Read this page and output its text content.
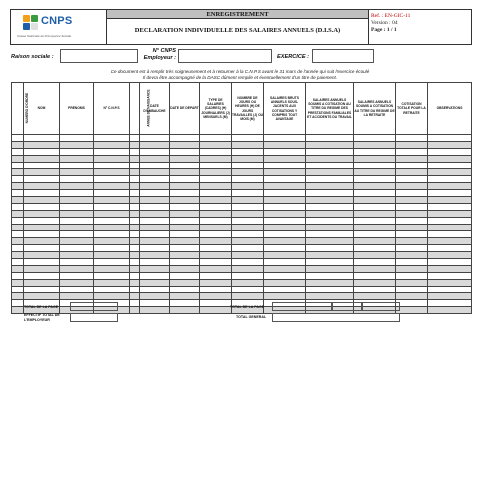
CNPS
Caisse Nationale de Prévoyance Sociale
ENREGISTREMENT
DECLARATION INDIVIDUELLE DES SALAIRES ANNUELS (D.I.S.A)
Ref. : EN-GIC-11
Version : 04
Page : 1 / 1
Raison sociale :
N° CNPS
Employeur :	EXERCICE :
Ce document est à remplir très soigneusement et à retourner à la C.N.P.S avant le 31 mars de l'année qui suit l'exercice écoulé
Il devra être accompagné de la DASC dûment remplie et éventuellement d'un titre de paiement.
NUMERO D'ORDRE	NOM	PRENOMS	N° C.N.P.S	ANNEE DE NAISSANCE	DATE D'EMBAUCHE	DATE DE DEPART	TYPE DE SALARIES (CADRES) (H) JOURNALIERS (J) MENSUELS (M)	NOMBRE DE JOURS OU HEURES (H) DE JOURS TRAVAILLES (J) OU MOIS (M)	SALAIRES BRUTS ANNUELS SOUS-JACENTS AUX COTISATIONS Y COMPRIS TOUT AVANTAGE	SALAIRES ANNUELS SOUMIS A COTISATION AU TITRE DU REGIME DES PRESTATIONS FAMILIALES ET ACCIDENTS DU TRAVAIL	SALAIRES ANNUELS SOUMIS A COTISATION AU TITRE DU REGIME DE LA RETRAITE	COTISATION TOTALE POUR LA RETRAITE	OBSERVATIONS

TOTAL DE LA PAGE
EFFECTIF TOTAL DE L'EMPLOYEUR
TOTAL DE LA PAGE	-	-	-
TOTAL GENERAL
